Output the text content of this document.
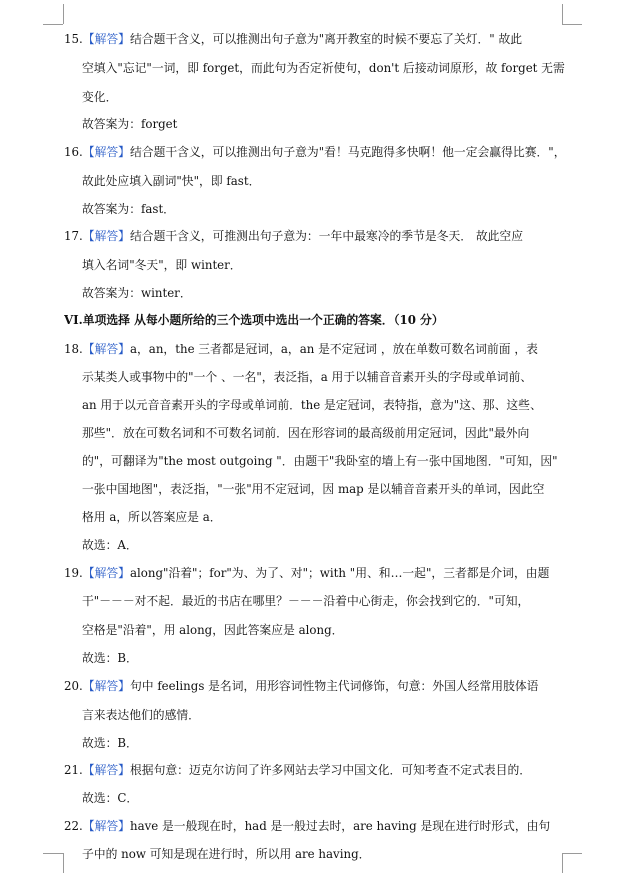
15.【解答】结合题干含义，可以推测出句子意为"离开教室的时候不要忘了关灯．" 故此
空填入"忘记"一词，即 forget，而此句为否定祈使句，don't 后接动词原形，故 forget 无需
变化．
故答案为：forget
16.【解答】结合题干含义，可以推测出句子意为"看！马克跑得多快啊！他一定会赢得比赛．"，
故此处应填入副词"快"，即 fast．
故答案为：fast．
17.【解答】结合题干含义，可推测出句子意为：一年中最寒冷的季节是冬天． 故此空应
填入名词"冬天"，即 winter．
故答案为：winter．
VI.单项选择 从每小题所给的三个选项中选出一个正确的答案．（10 分）
18.【解答】a，an，the 三者都是冠词，a，an 是不定冠词 ，放在单数可数名词前面 ，表
示某类人或事物中的"一个 、一名"，表泛指，a 用于以辅音音素开头的字母或单词前、
an 用于以元音音素开头的字母或单词前．the 是定冠词，表特指，意为"这、那、这些、
那些"．放在可数名词和不可数名词前．因在形容词的最高级前用定冠词，因此"最外向
的"，可翻译为"the most outgoing "．由题干"我卧室的墙上有一张中国地图．"可知，因"
一张中国地图"，表泛指，"一张"用不定冠词，因 map 是以辅音音素开头的单词，因此空
格用 a，所以答案应是 a．
故选：A．
19.【解答】along"沿着"；for"为、为了、对"；with "用、和…一起"，三者都是介词，由题
干"－－－对不起．最近的书店在哪里？－－－沿着中心街走，你会找到它的．"可知，
空格是"沿着"，用 along，因此答案应是 along．
故选：B．
20.【解答】句中 feelings 是名词，用形容词性物主代词修饰，句意：外国人经常用肢体语
言来表达他们的感情．
故选：B．
21.【解答】根据句意：迈克尔访问了许多网站去学习中国文化．可知考查不定式表目的．
故选：C．
22.【解答】have 是一般现在时，had 是一般过去时，are having 是现在进行时形式，由句
子中的 now 可知是现在进行时，所以用 are having．
